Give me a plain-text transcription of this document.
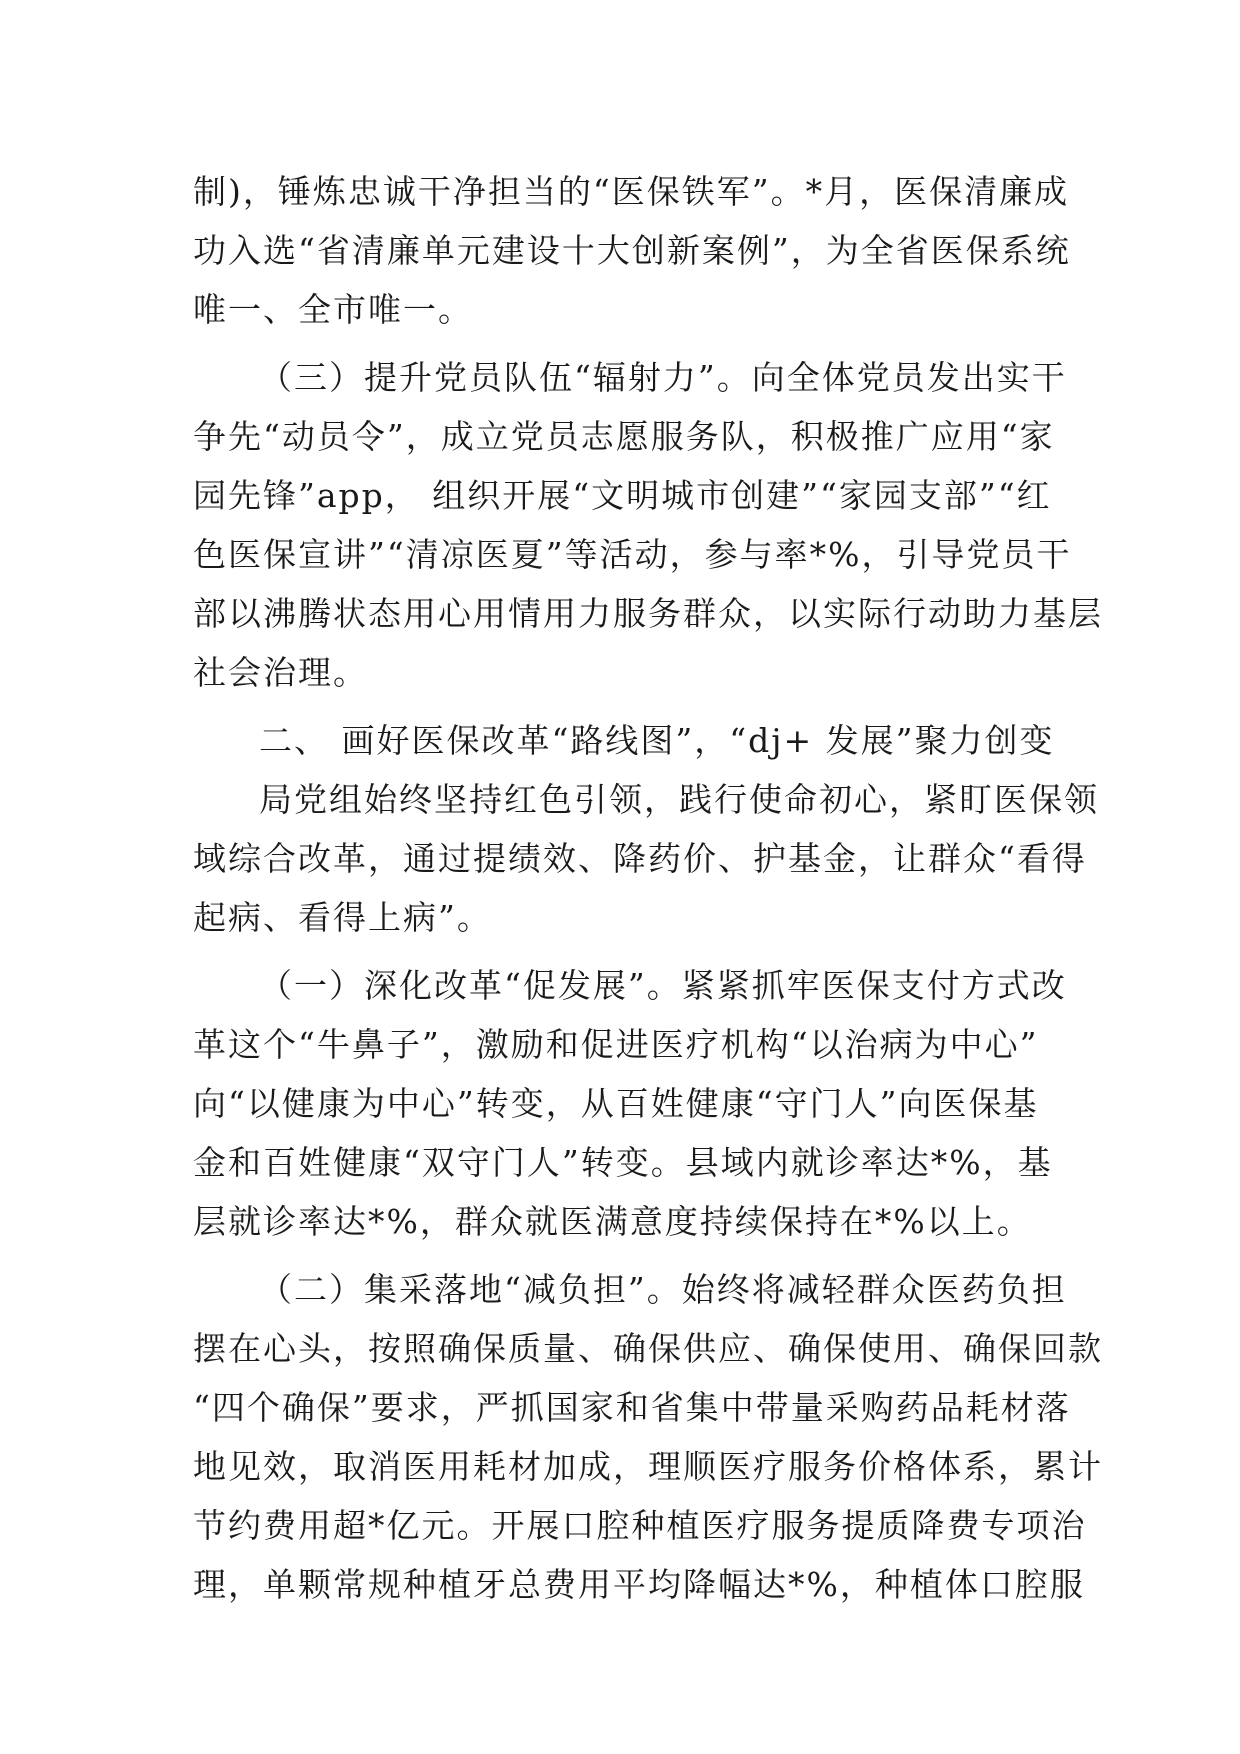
制)，锤炼忠诚干净担当的“医保铁军”。*月，医保清廉成
功入选“省清廉单元建设十大创新案例”，为全省医保系统
唯一、全市唯一。

（三）提升党员队伍“辐射力”。向全体党员发出实干
争先“动员令”，成立党员志愿服务队，积极推广应用“家
园先锋”app， 组织开展“文明城市创建”“家园支部”“红
色医保宣讲”“清凉医夏”等活动，参与率*%，引导党员干
部以沸腾状态用心用情用力服务群众，以实际行动助力基层
社会治理。

二、 画好医保改革“路线图”，“dj+ 发展”聚力创变

局党组始终坚持红色引领，践行使命初心，紧盯医保领
域综合改革，通过提绩效、降药价、护基金，让群众“看得
起病、看得上病”。

（一）深化改革“促发展”。紧紧抓牢医保支付方式改
革这个“牛鼻子”，激励和促进医疗机构“以治病为中心”
向“以健康为中心”转变，从百姓健康“守门人”向医保基
金和百姓健康“双守门人”转变。县域内就诊率达*%，基
层就诊率达*%，群众就医满意度持续保持在*%以上。

（二）集采落地“减负担”。始终将减轻群众医药负担
摆在心头，按照确保质量、确保供应、确保使用、确保回款
“四个确保”要求，严抓国家和省集中带量采购药品耗材落
地见效，取消医用耗材加成，理顺医疗服务价格体系，累计
节约费用超*亿元。开展口腔种植医疗服务提质降费专项治
理，单颗常规种植牙总费用平均降幅达*%，种植体口腔服
